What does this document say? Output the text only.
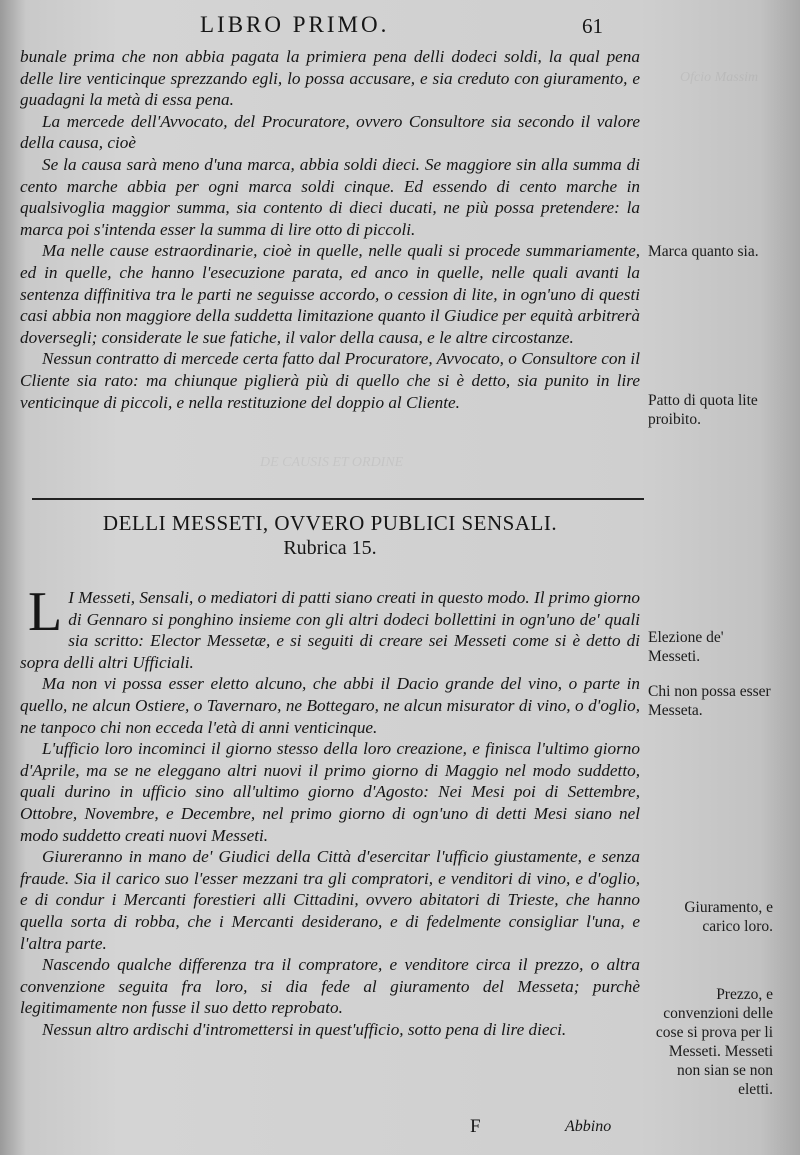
Ofcio Massim
DE CAUSIS ET ORDINE
LIBRO PRIMO.	61

bunale prima che non abbia pagata la primiera pena delli dodeci soldi, la qual pena delle lire venticinque sprezzando egli, lo possa accusare, e sia creduto con giuramento, e guadagni la metà di essa pena.

La mercede dell'Avvocato, del Procuratore, ovvero Consultore sia secondo il valore della causa, cioè

Se la causa sarà meno d'una marca, abbia soldi dieci. Se maggiore sin alla summa di cento marche abbia per ogni marca soldi cinque. Ed essendo di cento marche in qualsivoglia maggior summa, sia contento di dieci ducati, ne più possa pretendere: la marca poi s'intenda esser la summa di lire otto di piccoli.

Ma nelle cause estraordinarie, cioè in quelle, nelle quali si procede summariamente, ed in quelle, che hanno l'esecuzione parata, ed anco in quelle, nelle quali avanti la sentenza diffinitiva tra le parti ne seguisse accordo, o cession di lite, in ogn'uno di questi casi abbia non maggiore della suddetta limitazione quanto il Giudice per equità arbitrerà doversegli; considerate le sue fatiche, il valor della causa, e le altre circostanze.

Nessun contratto di mercede certa fatto dal Procuratore, Avvocato, o Consultore con il Cliente sia rato: ma chiunque piglierà più di quello che si è detto, sia punito in lire venticinque di piccoli, e nella restituzione del doppio al Cliente.

DELLI MESSETI, OVVERO PUBLICI SENSALI.
Rubrica 15.

L I Messeti, Sensali, o mediatori di patti siano creati in questo modo. Il primo giorno di Gennaro si ponghino insieme con gli altri dodeci bollettini in ogn'uno de' quali sia scritto: Elector Messetæ, e si seguiti di creare sei Messeti come si è detto di sopra delli altri Ufficiali.

Ma non vi possa esser eletto alcuno, che abbi il Dacio grande del vino, o parte in quello, ne alcun Ostiere, o Tavernaro, ne Bottegaro, ne alcun misurator di vino, o d'oglio, ne tanpoco chi non ecceda l'età di anni venticinque.

L'ufficio loro incominci il giorno stesso della loro creazione, e finisca l'ultimo giorno d'Aprile, ma se ne eleggano altri nuovi il primo giorno di Maggio nel modo suddetto, quali durino in ufficio sino all'ultimo giorno d'Agosto: Nei Mesi poi di Settembre, Ottobre, Novembre, e Decembre, nel primo giorno di ogn'uno di detti Mesi siano nel modo suddetto creati nuovi Messeti.

Giureranno in mano de' Giudici della Città d'esercitar l'ufficio giustamente, e senza fraude. Sia il carico suo l'esser mezzani tra gli compratori, e venditori di vino, e d'oglio, e di condur i Mercanti forestieri alli Cittadini, ovvero abitatori di Trieste, che hanno quella sorta di robba, che i Mercanti desiderano, e di fedelmente consigliar l'una, e l'altra parte.

Nascendo qualche differenza tra il compratore, e venditore circa il prezzo, o altra convenzione seguita fra loro, si dia fede al giuramento del Messeta; purchè legitimamente non fusse il suo detto reprobato.

Nessun altro ardischi d'intromettersi in quest'ufficio, sotto pena di lire dieci.

Marca quanto sia.
Patto di quota lite proibito.
Elezione de' Messeti.
Chi non possa esser Messeta.
Giuramento, e carico loro.
Prezzo, e convenzioni delle cose si prova per li Messeti. Messeti non sian se non eletti.
F	Abbino
